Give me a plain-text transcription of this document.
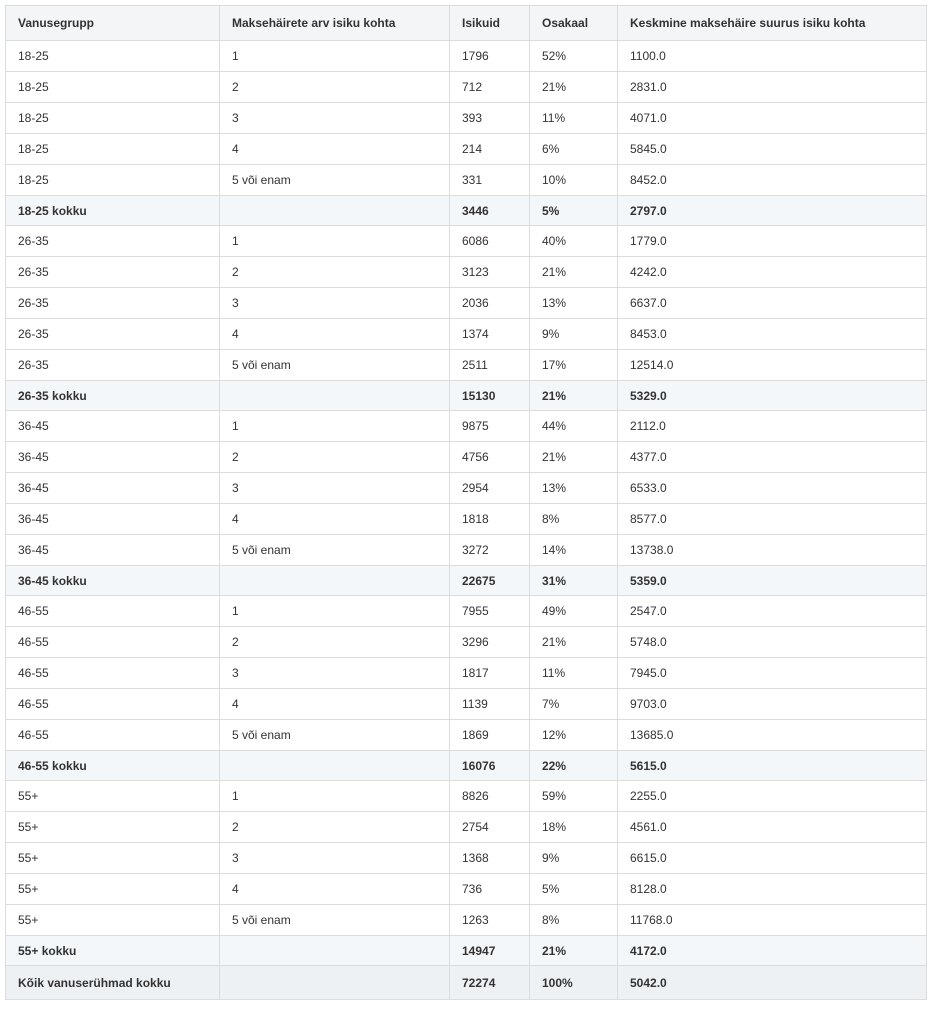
Vanusegrupp	Maksehäirete arv isiku kohta	Isikuid	Osakaal	Keskmine maksehäire suurus isiku kohta
18-25	1	1796	52%	1100.0
18-25	2	712	21%	2831.0
18-25	3	393	11%	4071.0
18-25	4	214	6%	5845.0
18-25	5 või enam	331	10%	8452.0
18-25 kokku		3446	5%	2797.0
26-35	1	6086	40%	1779.0
26-35	2	3123	21%	4242.0
26-35	3	2036	13%	6637.0
26-35	4	1374	9%	8453.0
26-35	5 või enam	2511	17%	12514.0
26-35 kokku		15130	21%	5329.0
36-45	1	9875	44%	2112.0
36-45	2	4756	21%	4377.0
36-45	3	2954	13%	6533.0
36-45	4	1818	8%	8577.0
36-45	5 või enam	3272	14%	13738.0
36-45 kokku		22675	31%	5359.0
46-55	1	7955	49%	2547.0
46-55	2	3296	21%	5748.0
46-55	3	1817	11%	7945.0
46-55	4	1139	7%	9703.0
46-55	5 või enam	1869	12%	13685.0
46-55 kokku		16076	22%	5615.0
55+	1	8826	59%	2255.0
55+	2	2754	18%	4561.0
55+	3	1368	9%	6615.0
55+	4	736	5%	8128.0
55+	5 või enam	1263	8%	11768.0
55+ kokku		14947	21%	4172.0
Kõik vanuserühmad kokku		72274	100%	5042.0
